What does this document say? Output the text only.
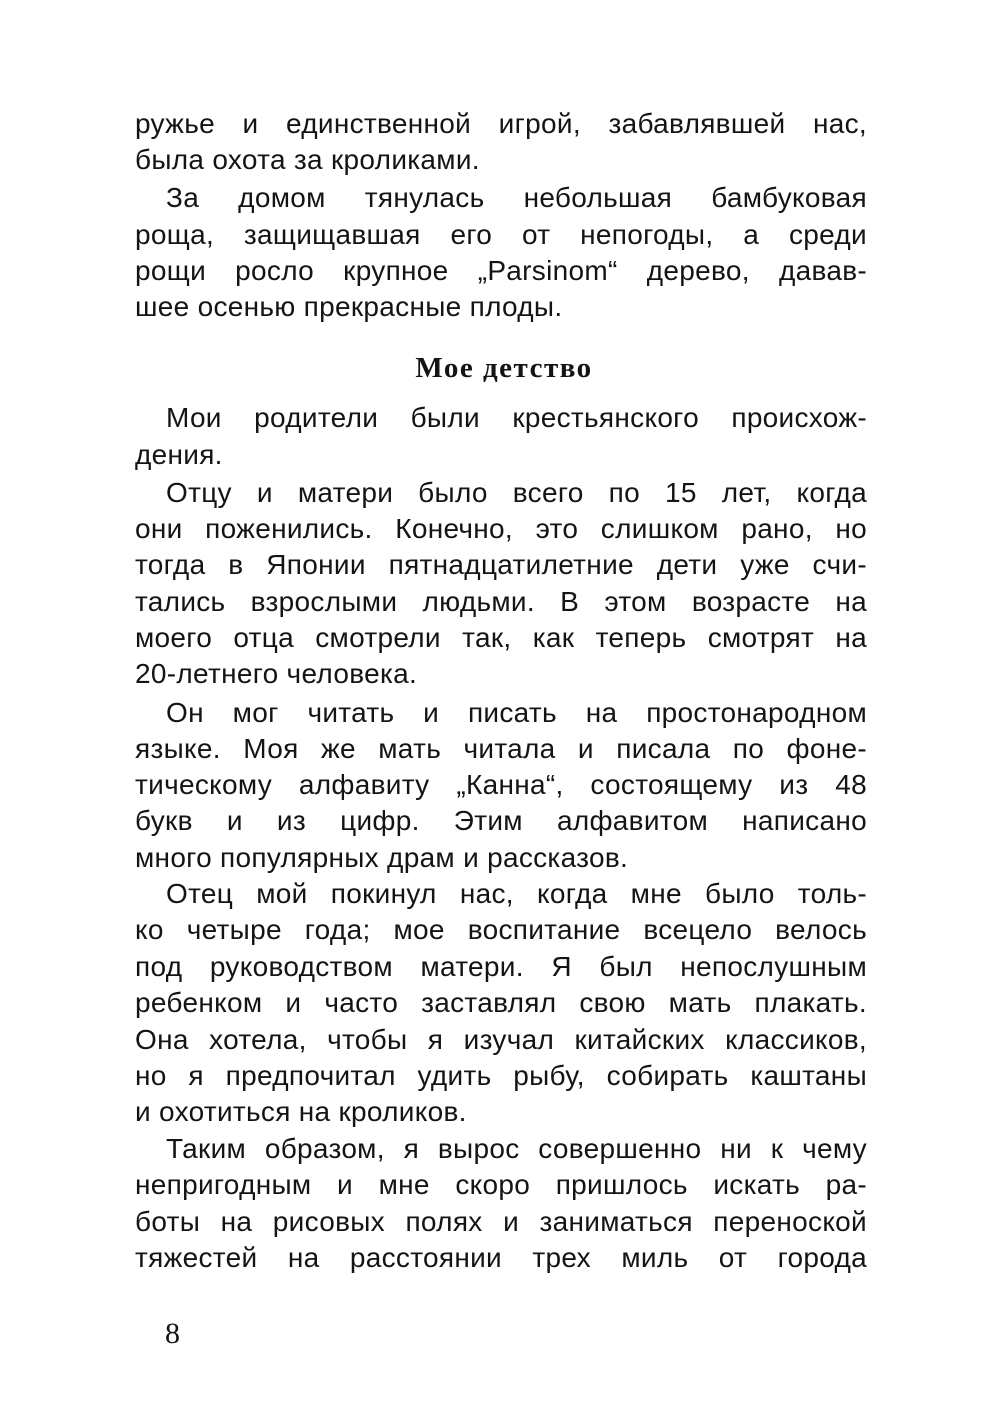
ружье и единственной игрой, забавлявшей нас,

была охота за кроликами.

За домом тянулась небольшая бамбуковая

роща, защищавшая его от непогоды, а среди

рощи росло крупное „Parsinom“ дерево, давав-

шее осенью прекрасные плоды.

Мое детство

Мои родители были крестьянского происхож-

дения.

Отцу и матери было всего по 15 лет, когда

они поженились. Конечно, это слишком рано, но

тогда в Японии пятнадцатилетние дети уже счи-

тались взрослыми людьми. В этом возрасте на

моего отца смотрели так, как теперь смотрят на

20-летнего человека.

Он мог читать и писать на простонародном

языке. Моя же мать читала и писала по фоне-

тическому алфавиту „Канна“, состоящему из 48

букв и из цифр. Этим алфавитом написано

много популярных драм и рассказов.

Отец мой покинул нас, когда мне было толь-

ко четыре года; мое воспитание всецело велось

под руководством матери. Я был непослушным

ребенком и часто заставлял свою мать плакать.

Она хотела, чтобы я изучал китайских классиков,

но я предпочитал удить рыбу, собирать каштаны

и охотиться на кроликов.

Таким образом, я вырос совершенно ни к чему

непригодным и мне скоро пришлось искать ра-

боты на рисовых полях и заниматься переноской

тяжестей на расстоянии трех миль от города

8
